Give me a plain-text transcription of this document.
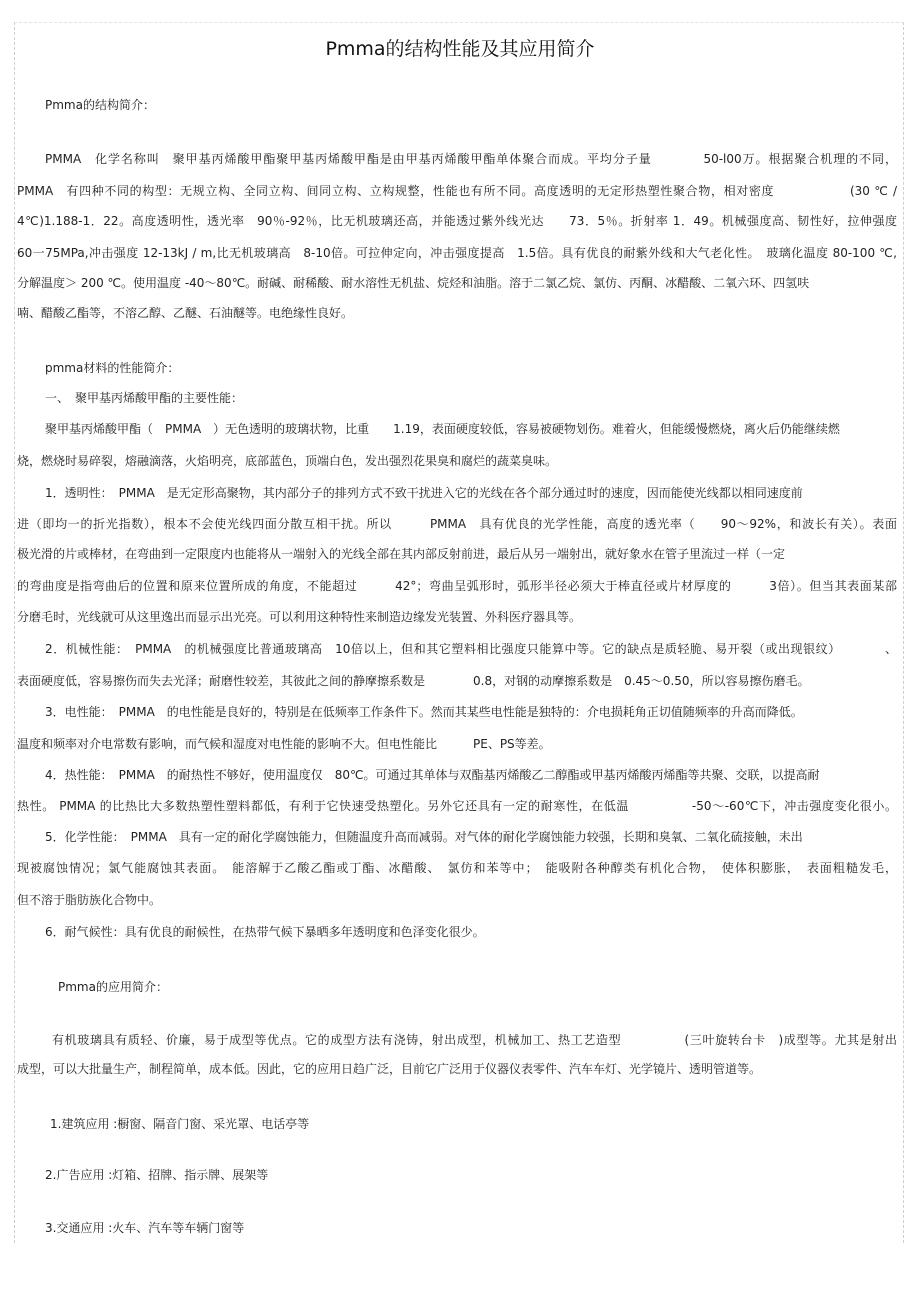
Pmma的结构性能及其应用简介
Pmma的结构简介：
PMMA　化学名称叫　聚甲基丙烯酸甲酯聚甲基丙烯酸甲酯是由甲基丙烯酸甲酯单体聚合而成。平均分子量　　　　50-l00万。根据聚合机理的不同，
PMMA　有四种不同的构型：无规立构、全同立构、间同立构、立构规整，性能也有所不同。高度透明的无定形热塑性聚合物，相对密度　　　　　　(30 ℃ /
4℃)1.188-1．22。高度透明性，透光率　90％-92％，比无机玻璃还高，并能透过紫外线光达　　73．5％。折射率 1．49。机械强度高、韧性好，拉伸强度
60一75MPa,冲击强度 12-13kJ / m,比无机玻璃高　8-10倍。可拉伸定向，冲击强度提高　1.5倍。具有优良的耐紫外线和大气老化性。　玻璃化温度 80-100 ℃,
分解温度＞ 200 ℃。使用温度 -40～80℃。耐碱、耐稀酸、耐水溶性无机盐、烷烃和油脂。溶于二氯乙烷、氯仿、丙酮、冰醋酸、二氧六环、四氢呋
喃、醋酸乙酯等，不溶乙醇、乙醚、石油醚等。电绝缘性良好。
pmma材料的性能简介：
一、　聚甲基丙烯酸甲酯的主要性能：
聚甲基丙烯酸甲酯（　PMMA　）无色透明的玻璃状物，比重　　1.19，表面硬度较低，容易被硬物划伤。难着火，但能缓慢燃烧，离火后仍能继续燃
烧，燃烧时易碎裂，熔融滴落，火焰明亮，底部蓝色，顶端白色，发出强烈花果臭和腐烂的蔬菜臭味。
1．透明性：　PMMA　是无定形高聚物，其内部分子的排列方式不致干扰进入它的光线在各个部分通过时的速度，因而能使光线都以相同速度前
进（即均一的折光指数），根本不会使光线四面分散互相干扰。所以　　　PMMA　具有优良的光学性能，高度的透光率（　　90～92%，和波长有关）。表面
极光滑的片或棒材，在弯曲到一定限度内也能将从一端射入的光线全部在其内部反射前进，最后从另一端射出，就好象水在管子里流过一样（一定
的弯曲度是指弯曲后的位置和原来位置所成的角度，不能超过　　　42°；弯曲呈弧形时，弧形半径必须大于棒直径或片材厚度的　　　3倍）。但当其表面某部
分磨毛时，光线就可从这里逸出而显示出光亮。可以利用这种特性来制造边缘发光装置、外科医疗器具等。
2．机械性能：　PMMA　的机械强度比普通玻璃高　10倍以上，但和其它塑料相比强度只能算中等。它的缺点是质轻脆、易开裂（或出现银纹）　　　　、
表面硬度低，容易擦伤而失去光泽；耐磨性较差，其彼此之间的静摩擦系数是　　　　0.8，对钢的动摩擦系数是　0.45～0.50，所以容易擦伤磨毛。
3．电性能：　PMMA　的电性能是良好的，特别是在低频率工作条件下。然而其某些电性能是独特的：介电损耗角正切值随频率的升高而降低。
温度和频率对介电常数有影响，而气候和湿度对电性能的影响不大。但电性能比　　　PE、PS等差。
4．热性能：　PMMA　的耐热性不够好，使用温度仅　80℃。可通过其单体与双酯基丙烯酸乙二醇酯或甲基丙烯酸丙烯酯等共聚、交联，以提高耐
热性。 PMMA 的比热比大多数热塑性塑料都低，有利于它快速受热塑化。另外它还具有一定的耐寒性，在低温　　　　　-50～-60℃下，冲击强度变化很小。
5．化学性能：　PMMA　具有一定的耐化学腐蚀能力，但随温度升高而减弱。对气体的耐化学腐蚀能力较强，长期和臭氧、二氧化硫接触，未出
现被腐蚀情况；氯气能腐蚀其表面。　能溶解于乙酸乙酯或丁酯、冰醋酸、　氯仿和苯等中；　能吸附各种醇类有机化合物，　使体积膨胀，　表面粗糙发毛，
但不溶于脂肪族化合物中。
6．耐气候性：具有优良的耐候性，在热带气候下暴晒多年透明度和色泽变化很少。
Pmma的应用简介：
有机玻璃具有质轻、价廉，易于成型等优点。它的成型方法有浇铸，射出成型，机械加工、热工艺造型　　　　　(三叶旋转台卡　)成型等。尤其是射出
成型，可以大批量生产，制程简单，成本低。因此，它的应用日趋广泛，目前它广泛用于仪器仪表零件、汽车车灯、光学镜片、透明管道等。
1.建筑应用 :橱窗、隔音门窗、采光罩、电话亭等
2.广告应用 :灯箱、招牌、指示牌、展架等
3.交通应用 :火车、汽车等车辆门窗等
